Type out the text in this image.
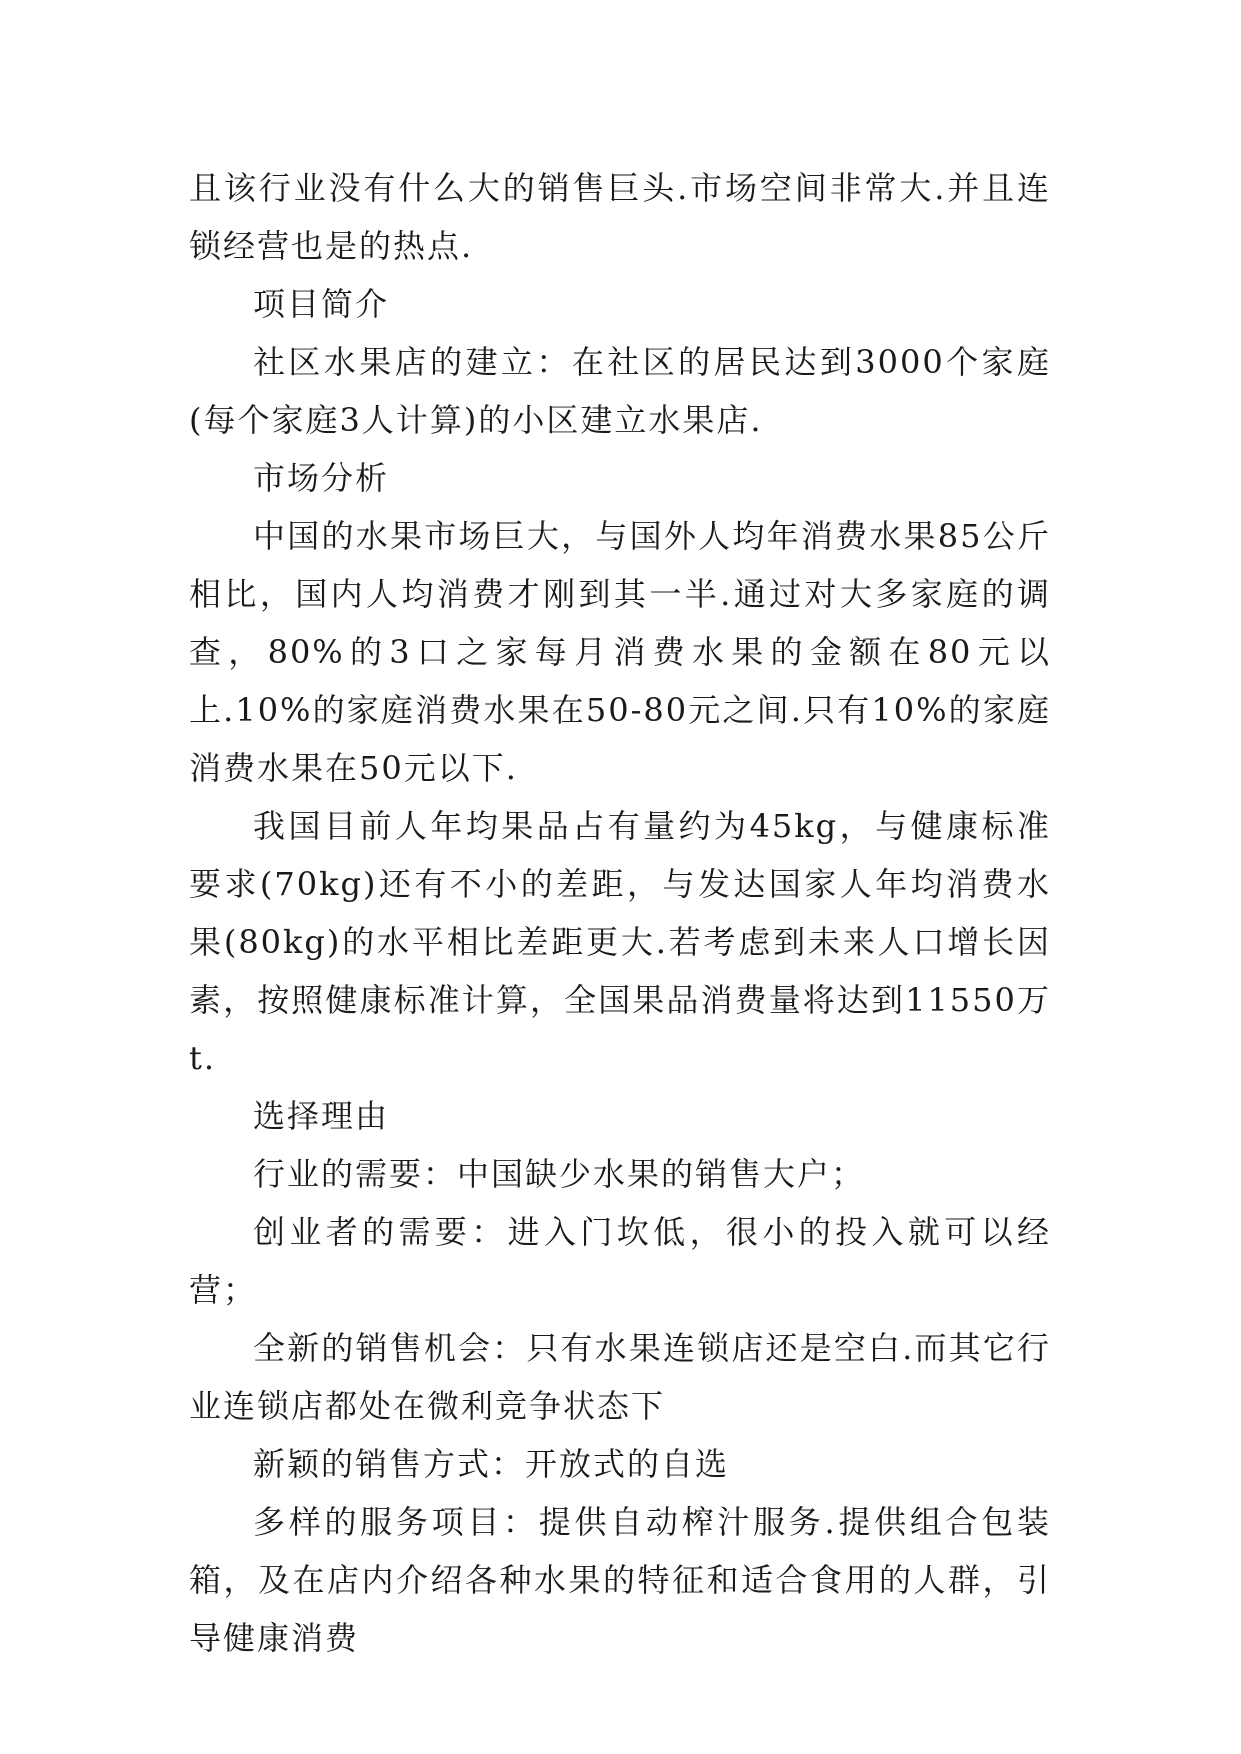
且该行业没有什么大的销售巨头.市场空间非常大.并且连锁经营也是的热点.

项目简介

社区水果店的建立：在社区的居民达到3000个家庭(每个家庭3人计算)的小区建立水果店.

市场分析

中国的水果市场巨大，与国外人均年消费水果85公斤相比，国内人均消费才刚到其一半.通过对大多家庭的调查，80%的3口之家每月消费水果的金额在80元以上.10%的家庭消费水果在50-80元之间.只有10%的家庭消费水果在50元以下.

我国目前人年均果品占有量约为45kg，与健康标准要求(70kg)还有不小的差距，与发达国家人年均消费水果(80kg)的水平相比差距更大.若考虑到未来人口增长因素，按照健康标准计算，全国果品消费量将达到11550万t.

选择理由

行业的需要：中国缺少水果的销售大户；

创业者的需要：进入门坎低，很小的投入就可以经营；

全新的销售机会：只有水果连锁店还是空白.而其它行业连锁店都处在微利竞争状态下

新颖的销售方式：开放式的自选

多样的服务项目：提供自动榨汁服务.提供组合包装箱，及在店内介绍各种水果的特征和适合食用的人群，引导健康消费
